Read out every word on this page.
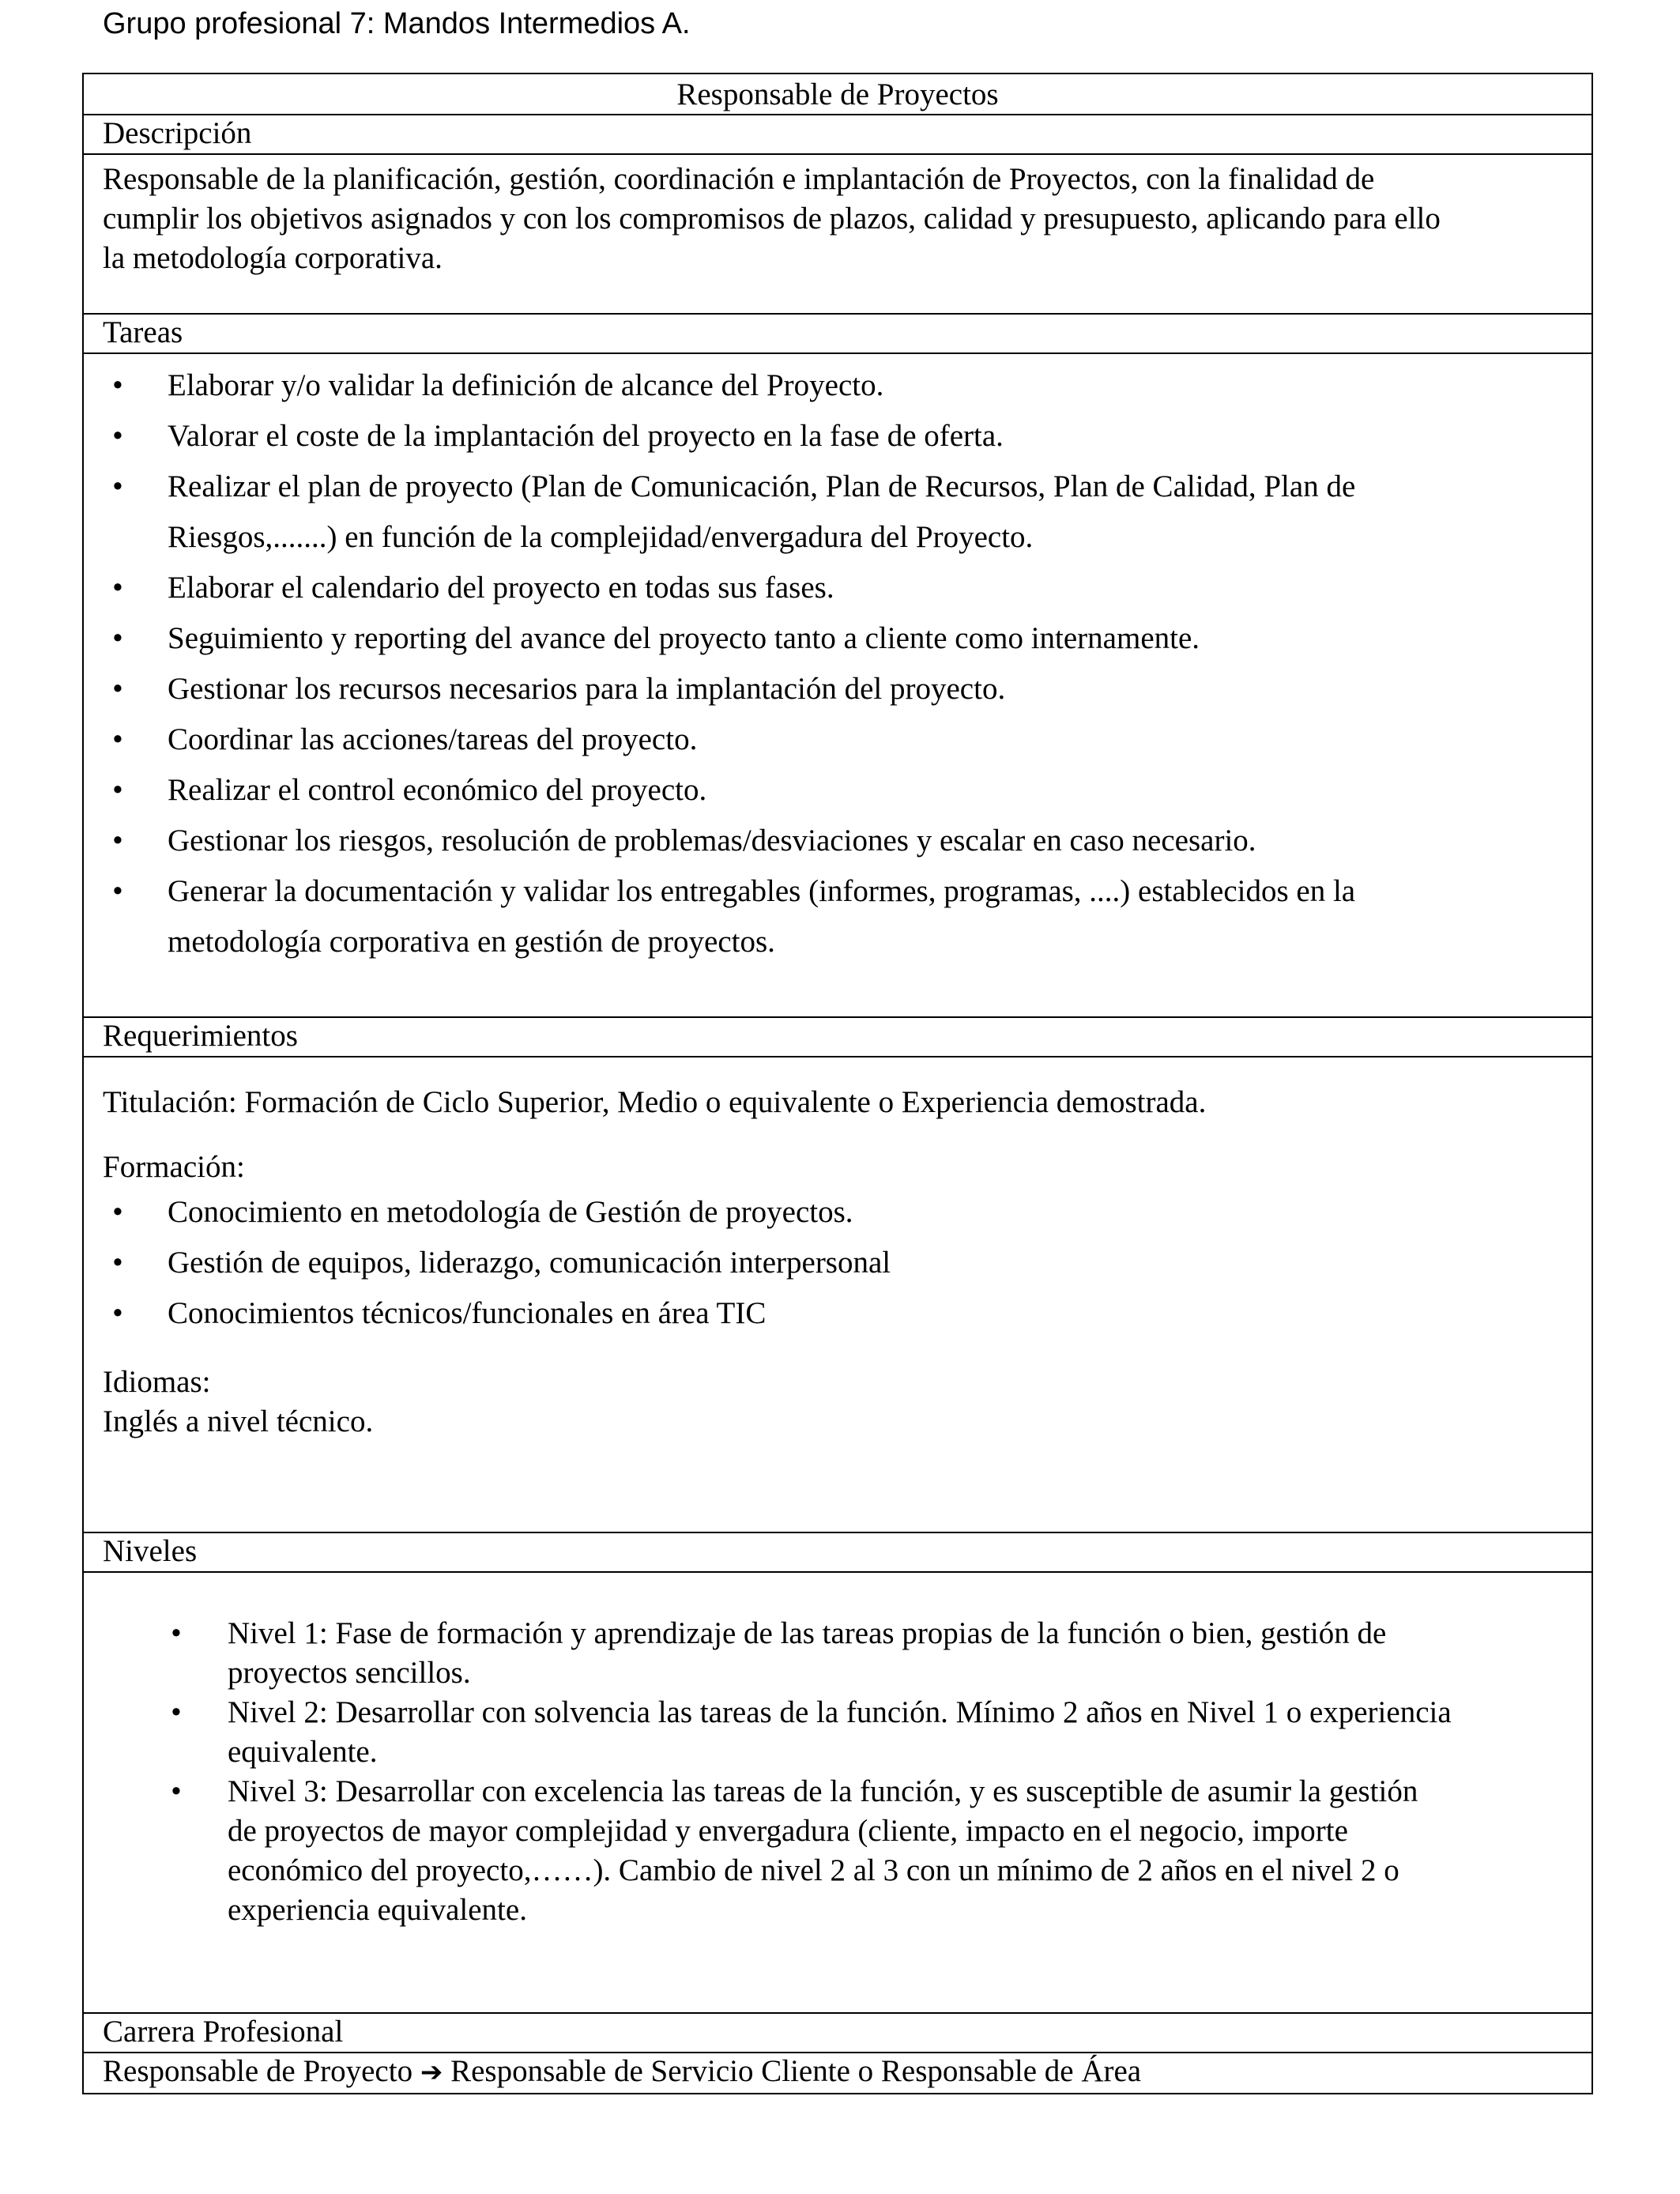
Grupo profesional 7: Mandos Intermedios A.
Responsable de Proyectos
Descripción
Responsable de la planificación, gestión, coordinación e implantación de Proyectos, con la finalidad de
cumplir los objetivos asignados y con los compromisos de plazos, calidad y presupuesto, aplicando para ello
la metodología corporativa.
Tareas
• Elaborar y/o validar la definición de alcance del Proyecto.
• Valorar el coste de la implantación del proyecto en la fase de oferta.
• Realizar el plan de proyecto (Plan de Comunicación, Plan de Recursos, Plan de Calidad, Plan de
Riesgos,.......) en función de la complejidad/envergadura del Proyecto.
• Elaborar el calendario del proyecto en todas sus fases.
• Seguimiento y reporting del avance del proyecto tanto a cliente como internamente.
• Gestionar los recursos necesarios para la implantación del proyecto.
• Coordinar las acciones/tareas del proyecto.
• Realizar el control económico del proyecto.
• Gestionar los riesgos, resolución de problemas/desviaciones y escalar en caso necesario.
• Generar la documentación y validar los entregables (informes, programas, ....) establecidos en la
metodología corporativa en gestión de proyectos.
Requerimientos
Titulación: Formación de Ciclo Superior, Medio o equivalente o Experiencia demostrada.
Formación:
• Conocimiento en metodología de Gestión de proyectos.
• Gestión de equipos, liderazgo, comunicación interpersonal
• Conocimientos técnicos/funcionales en área TIC
Idiomas:
Inglés a nivel técnico.
Niveles
• Nivel 1: Fase de formación y aprendizaje de las tareas propias de la función o bien, gestión de
proyectos sencillos.
• Nivel 2: Desarrollar con solvencia las tareas de la función. Mínimo 2 años en Nivel 1 o experiencia
equivalente.
• Nivel 3: Desarrollar con excelencia las tareas de la función, y es susceptible de asumir la gestión
de proyectos de mayor complejidad y envergadura (cliente, impacto en el negocio, importe
económico del proyecto,……). Cambio de nivel 2 al 3 con un mínimo de 2 años en el nivel 2 o
experiencia equivalente.
Carrera Profesional
Responsable de Proyecto ➔ Responsable de Servicio Cliente o Responsable de Área
